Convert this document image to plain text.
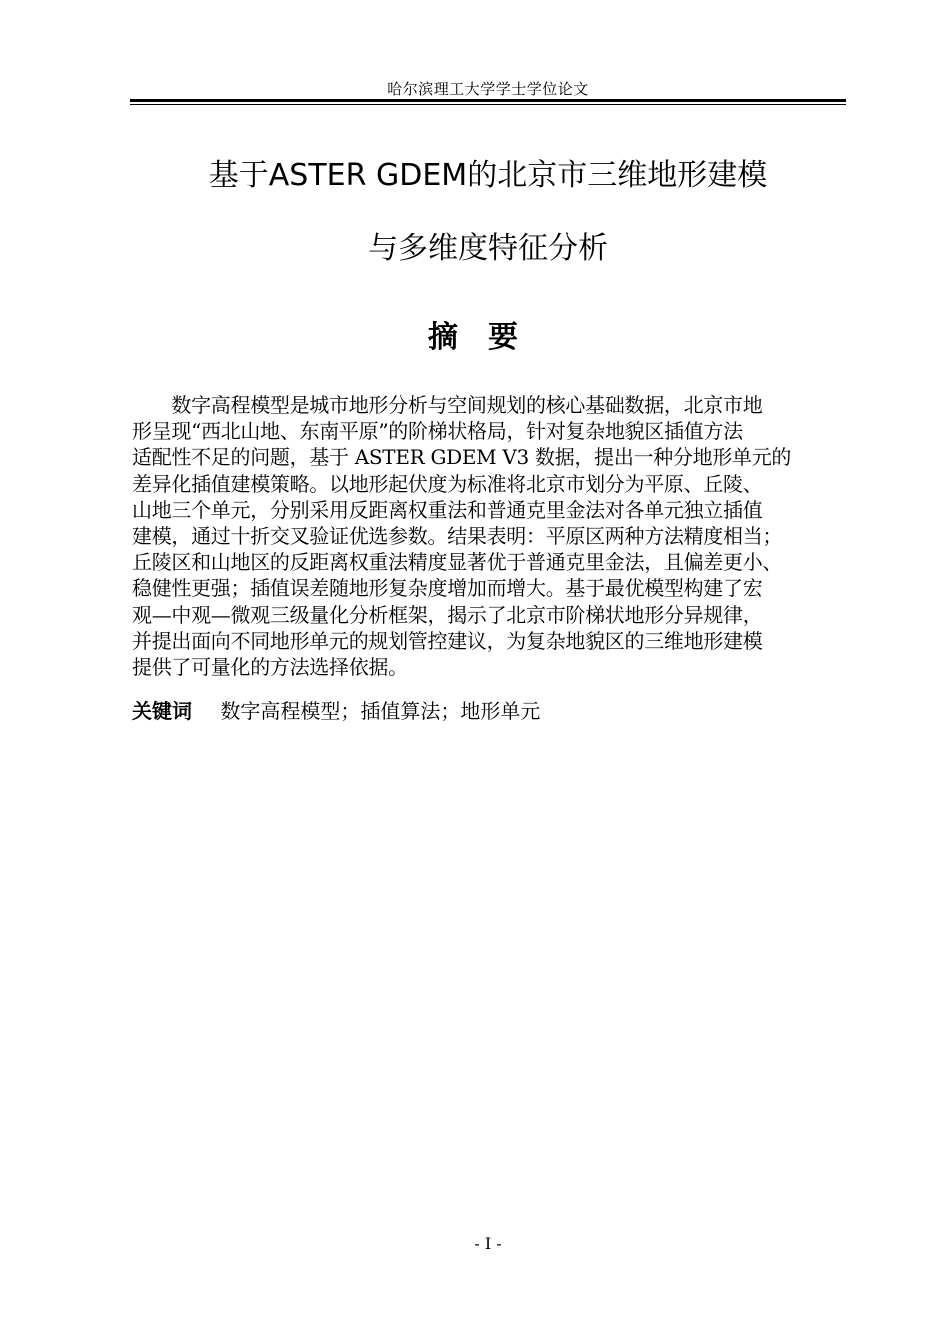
哈尔滨理工大学学士学位论文
基于ASTER GDEM的北京市三维地形建模
与多维度特征分析
摘要
　　数字高程模型是城市地形分析与空间规划的核心基础数据，北京市地
形呈现“西北山地、东南平原”的阶梯状格局，针对复杂地貌区插值方法
适配性不足的问题，基于 ASTER GDEM V3 数据，提出一种分地形单元的
差异化插值建模策略。以地形起伏度为标准将北京市划分为平原、丘陵、
山地三个单元，分别采用反距离权重法和普通克里金法对各单元独立插值
建模，通过十折交叉验证优选参数。结果表明：平原区两种方法精度相当；
丘陵区和山地区的反距离权重法精度显著优于普通克里金法，且偏差更小、
稳健性更强；插值误差随地形复杂度增加而增大。基于最优模型构建了宏
观—中观—微观三级量化分析框架，揭示了北京市阶梯状地形分异规律，
并提出面向不同地形单元的规划管控建议，为复杂地貌区的三维地形建模
提供了可量化的方法选择依据。
关键词 数字高程模型；插值算法；地形单元
- I -
